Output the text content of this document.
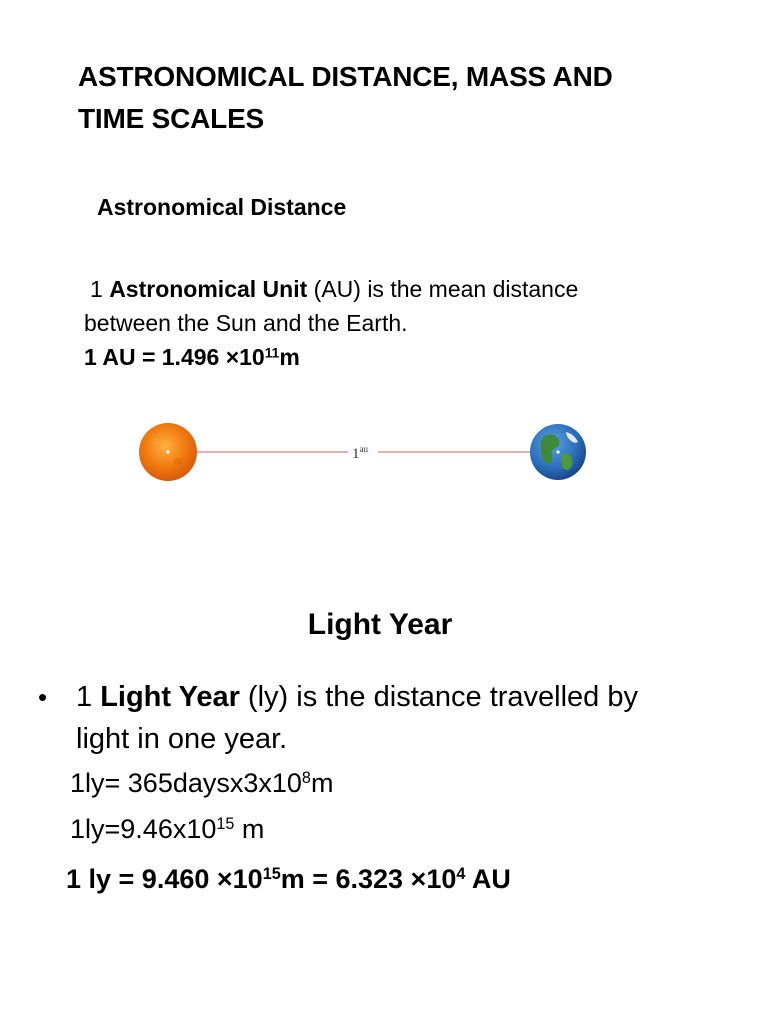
ASTRONOMICAL DISTANCE, MASS AND
TIME SCALES
Astronomical Distance
1 Astronomical Unit (AU) is the mean distance
between the Sun and the Earth.
1 AU = $1.496 \times 10^{11}m$
$1^{au}$
Light Year
• 1 Light Year (ly) is the distance travelled by
light in one year.
$1ly= 365daysx3x10^8m$
$1ly=9.46x10^{15}$ m
1 ly = $9.460 \times 10^{15}m = 6.323 \times 10^4$ AU
